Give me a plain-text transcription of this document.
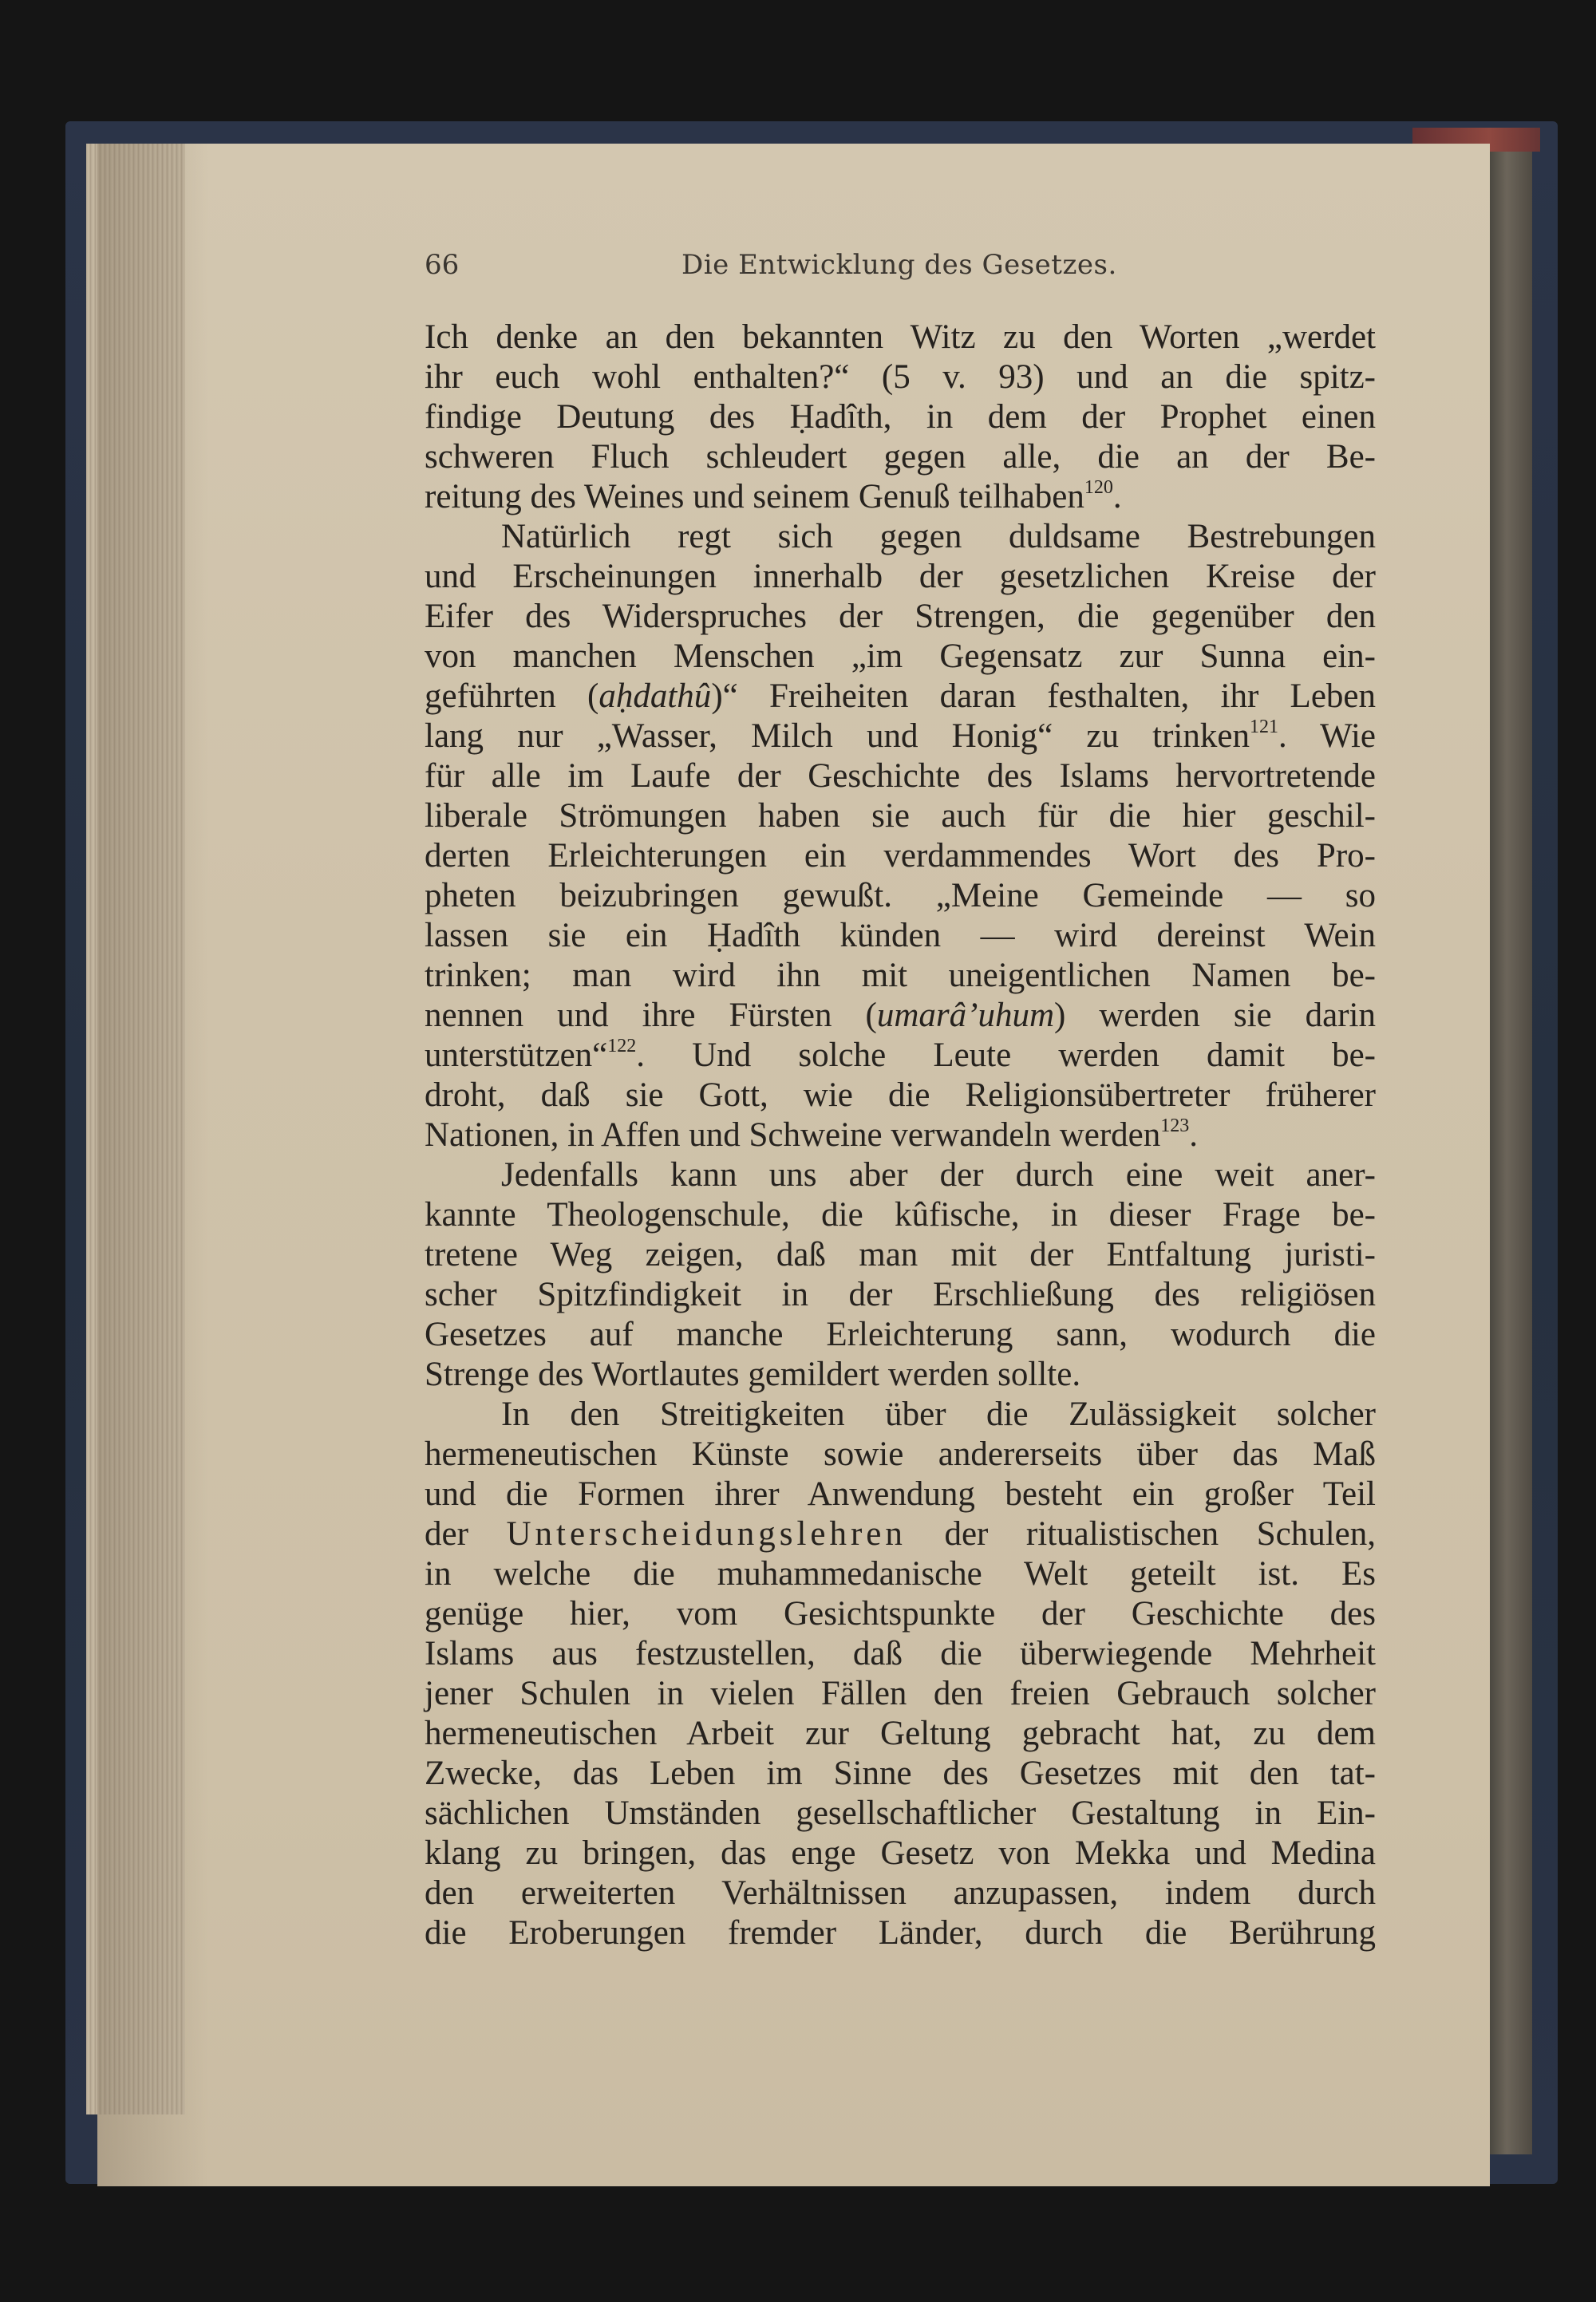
66	Die Entwicklung des Gesetzes.
Ich denke an den bekannten Witz zu den Worten „werdet
ihr euch wohl enthalten?“ (5 v. 93) und an die spitz-
findige Deutung des Ḥadîth, in dem der Prophet einen
schweren Fluch schleudert gegen alle, die an der Be-
reitung des Weines und seinem Genuß teilhaben$^{120}$.
Natürlich regt sich gegen duldsame Bestrebungen
und Erscheinungen innerhalb der gesetzlichen Kreise der
Eifer des Widerspruches der Strengen, die gegenüber den
von manchen Menschen „im Gegensatz zur Sunna ein-
geführten (aḥdathû)“ Freiheiten daran festhalten, ihr Leben
lang nur „Wasser, Milch und Honig“ zu trinken$^{121}$. Wie
für alle im Laufe der Geschichte des Islams hervortretende
liberale Strömungen haben sie auch für die hier geschil-
derten Erleichterungen ein verdammendes Wort des Pro-
pheten beizubringen gewußt. „Meine Gemeinde — so
lassen sie ein Ḥadîth künden — wird dereinst Wein
trinken; man wird ihn mit uneigentlichen Namen be-
nennen und ihre Fürsten (umarâ’uhum) werden sie darin
unterstützen“$^{122}$. Und solche Leute werden damit be-
droht, daß sie Gott, wie die Religionsübertreter früherer
Nationen, in Affen und Schweine verwandeln werden$^{123}$.
Jedenfalls kann uns aber der durch eine weit aner-
kannte Theologenschule, die kûfische, in dieser Frage be-
tretene Weg zeigen, daß man mit der Entfaltung juristi-
scher Spitzfindigkeit in der Erschließung des religiösen
Gesetzes auf manche Erleichterung sann, wodurch die
Strenge des Wortlautes gemildert werden sollte.
In den Streitigkeiten über die Zulässigkeit solcher
hermeneutischen Künste sowie andererseits über das Maß
und die Formen ihrer Anwendung besteht ein großer Teil
der Unterscheidungslehren der ritualistischen Schulen,
in welche die muhammedanische Welt geteilt ist. Es
genüge hier, vom Gesichtspunkte der Geschichte des
Islams aus festzustellen, daß die überwiegende Mehrheit
jener Schulen in vielen Fällen den freien Gebrauch solcher
hermeneutischen Arbeit zur Geltung gebracht hat, zu dem
Zwecke, das Leben im Sinne des Gesetzes mit den tat-
sächlichen Umständen gesellschaftlicher Gestaltung in Ein-
klang zu bringen, das enge Gesetz von Mekka und Medina
den erweiterten Verhältnissen anzupassen, indem durch
die Eroberungen fremder Länder, durch die Berührung
